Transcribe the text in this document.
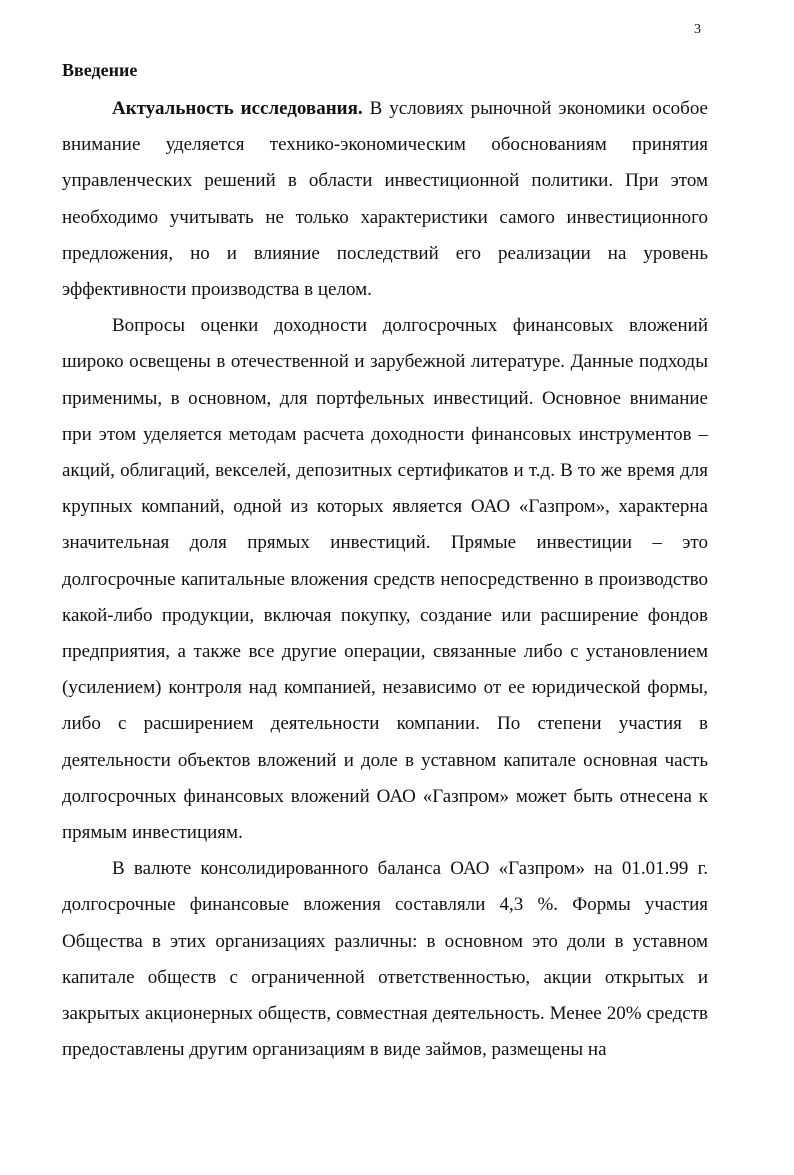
3
Введение

Актуальность исследования. В условиях рыночной экономики особое внимание уделяется технико-экономическим обоснованиям принятия управленческих решений в области инвестиционной политики. При этом необходимо учитывать не только характеристики самого инвестиционного предложения, но и влияние последствий его реализации на уровень эффективности производства в целом.

Вопросы оценки доходности долгосрочных финансовых вложений широко освещены в отечественной и зарубежной литературе. Данные подходы применимы, в основном, для портфельных инвестиций. Основное внимание при этом уделяется методам расчета доходности финансовых инструментов – акций, облигаций, векселей, депозитных сертификатов и т.д. В то же время для крупных компаний, одной из которых является ОАО «Газпром», характерна значительная доля прямых инвестиций. Прямые инвестиции – это долгосрочные капитальные вложения средств непосредственно в производство какой-либо продукции, включая покупку, создание или расширение фондов предприятия, а также все другие операции, связанные либо с установлением (усилением) контроля над компанией, независимо от ее юридической формы, либо с расширением деятельности компании. По степени участия в деятельности объектов вложений и доле в уставном капитале основная часть долгосрочных финансовых вложений ОАО «Газпром» может быть отнесена к прямым инвестициям.

В валюте консолидированного баланса ОАО «Газпром» на 01.01.99 г. долгосрочные финансовые вложения составляли 4,3 %. Формы участия Общества в этих организациях различны: в основном это доли в уставном капитале обществ с ограниченной ответственностью, акции открытых и закрытых акционерных обществ, совместная деятельность. Менее 20% средств предоставлены другим организациям в виде займов, размещены на
